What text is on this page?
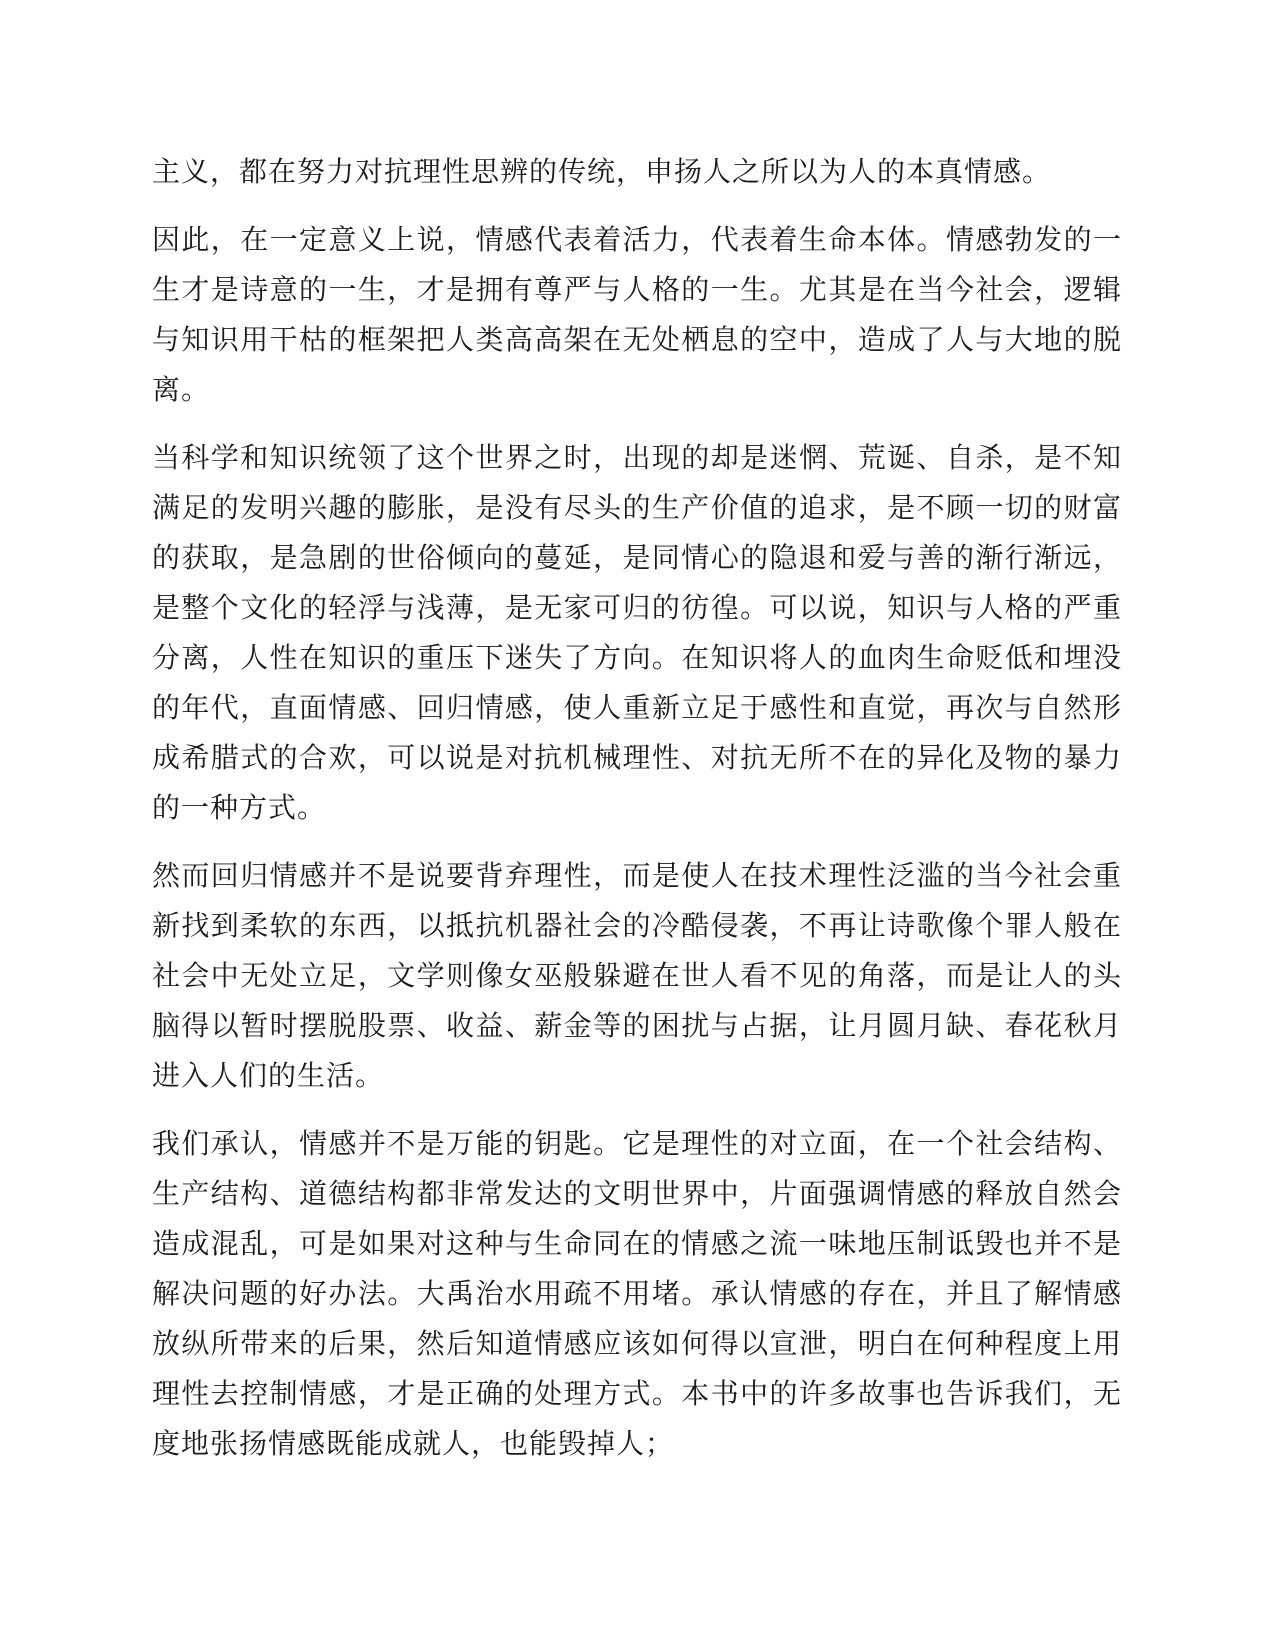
主义，都在努力对抗理性思辨的传统，申扬人之所以为人的本真情感。

因此，在一定意义上说，情感代表着活力，代表着生命本体。情感勃发的一生才是诗意的一生，才是拥有尊严与人格的一生。尤其是在当今社会，逻辑与知识用干枯的框架把人类高高架在无处栖息的空中，造成了人与大地的脱离。

当科学和知识统领了这个世界之时，出现的却是迷惘、荒诞、自杀，是不知满足的发明兴趣的膨胀，是没有尽头的生产价值的追求，是不顾一切的财富的获取，是急剧的世俗倾向的蔓延，是同情心的隐退和爱与善的渐行渐远，是整个文化的轻浮与浅薄，是无家可归的彷徨。可以说，知识与人格的严重分离，人性在知识的重压下迷失了方向。在知识将人的血肉生命贬低和埋没的年代，直面情感、回归情感，使人重新立足于感性和直觉，再次与自然形成希腊式的合欢，可以说是对抗机械理性、对抗无所不在的异化及物的暴力的一种方式。

然而回归情感并不是说要背弃理性，而是使人在技术理性泛滥的当今社会重新找到柔软的东西，以抵抗机器社会的冷酷侵袭，不再让诗歌像个罪人般在社会中无处立足，文学则像女巫般躲避在世人看不见的角落，而是让人的头脑得以暂时摆脱股票、收益、薪金等的困扰与占据，让月圆月缺、春花秋月进入人们的生活。

我们承认，情感并不是万能的钥匙。它是理性的对立面，在一个社会结构、生产结构、道德结构都非常发达的文明世界中，片面强调情感的释放自然会造成混乱，可是如果对这种与生命同在的情感之流一味地压制诋毁也并不是解决问题的好办法。大禹治水用疏不用堵。承认情感的存在，并且了解情感放纵所带来的后果，然后知道情感应该如何得以宣泄，明白在何种程度上用理性去控制情感，才是正确的处理方式。本书中的许多故事也告诉我们，无度地张扬情感既能成就人，也能毁掉人；
